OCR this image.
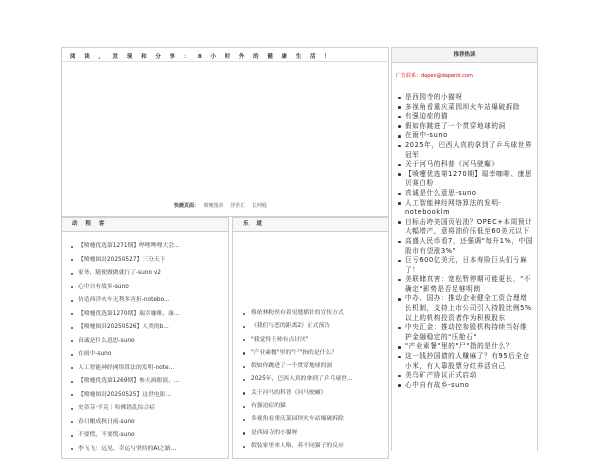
阅 读 ， 发 现 和 分 享 ： 8 小 时 外 的 健 康 生 活 ！
快捷页面： 喷嚏图卦 浮世汇 长网缝
推荐热读
广告联系：dapen@dapenti.com
是西园寺的小猫呀
多视角看重庆菜园坝火车站爆破拆除
有强迫症的猫
假如你跳进了一个贯穿地球的洞
在雨中-suno
2025年，巴西人真的拿到了乒乓球世界冠军
关于河马的科普《河马驶癫》
【喷嚏优选第1270期】瑞幸咖啡、康思贝赛白粉
真诚是什么意思-suno
人工智能神经网络算法的发明-notebooklm
目标击垮美国页岩油？OPEC+本周预计大幅增产，意将油价压低至60美元以下
高盛人民币看7，还强调"每升1%，中国股市有望涨3%"
巨亏600亿美元，日本寿险巨头们亏麻了！
美联储真害：宽松暂停期可能更长，"不确定"影势是否足够明朗
中办、国办：推动企业健全工资合理增长机制，支持上市公司引入持股比例5%以上的机构投资者作为积极股东
中央汇金：推动控参股机构持续当好维护金融稳定的"压舱石"
"产业素餐"里的"尸"指的是什么？
这一钱抄国债的人赚麻了？有95后全仓小米，有人靠股票分红养活自己
美乌矿产协议正式启动
心中自有故乡-suno
动 程 客
【喷嚏优选第1271期】哔哩哔哩大会...
【喷嚏图卦20250527】三分天下
家务，随便做做就行了-suno v2
心中自有故乡-suno
仿造西洋火车无利多害折-notebo...
【喷嚏优选第1270期】瑞幸咖啡、康...
【喷嚏图卦20250526】人类的b...
真诚是什么意思-suno
在雨中-suno
人工智能神经网络算法的发明-note...
【喷嚏优选第1269期】参天涧眼液、...
【喷嚏图卦20250525】这世电影...
史蒂芬·平克｜哈佛错乱综合症
春日酿成秋日雨-suno
不要慌，不要慌-suno
李飞飞：远见、幸运与坚持的AI之路...
乐 道
蔡依林粉丝有着见缝插针的宣传方式
《我们与恶的距离2》正式预告
"我觉得王帅有点讨厌"
"产业素餐"里的"尸"指的是什么？
假如你跳进了一个贯穿地球的洞
2025年，巴西人真的拿到了乒乓球世...
关于河马的科普《河马驶癫》
有强迫症的猫
多视角看重庆菜园坝火车站爆破拆除
是西园寺的小猫呀
假装家里来人咯，养不同猫子的反应
